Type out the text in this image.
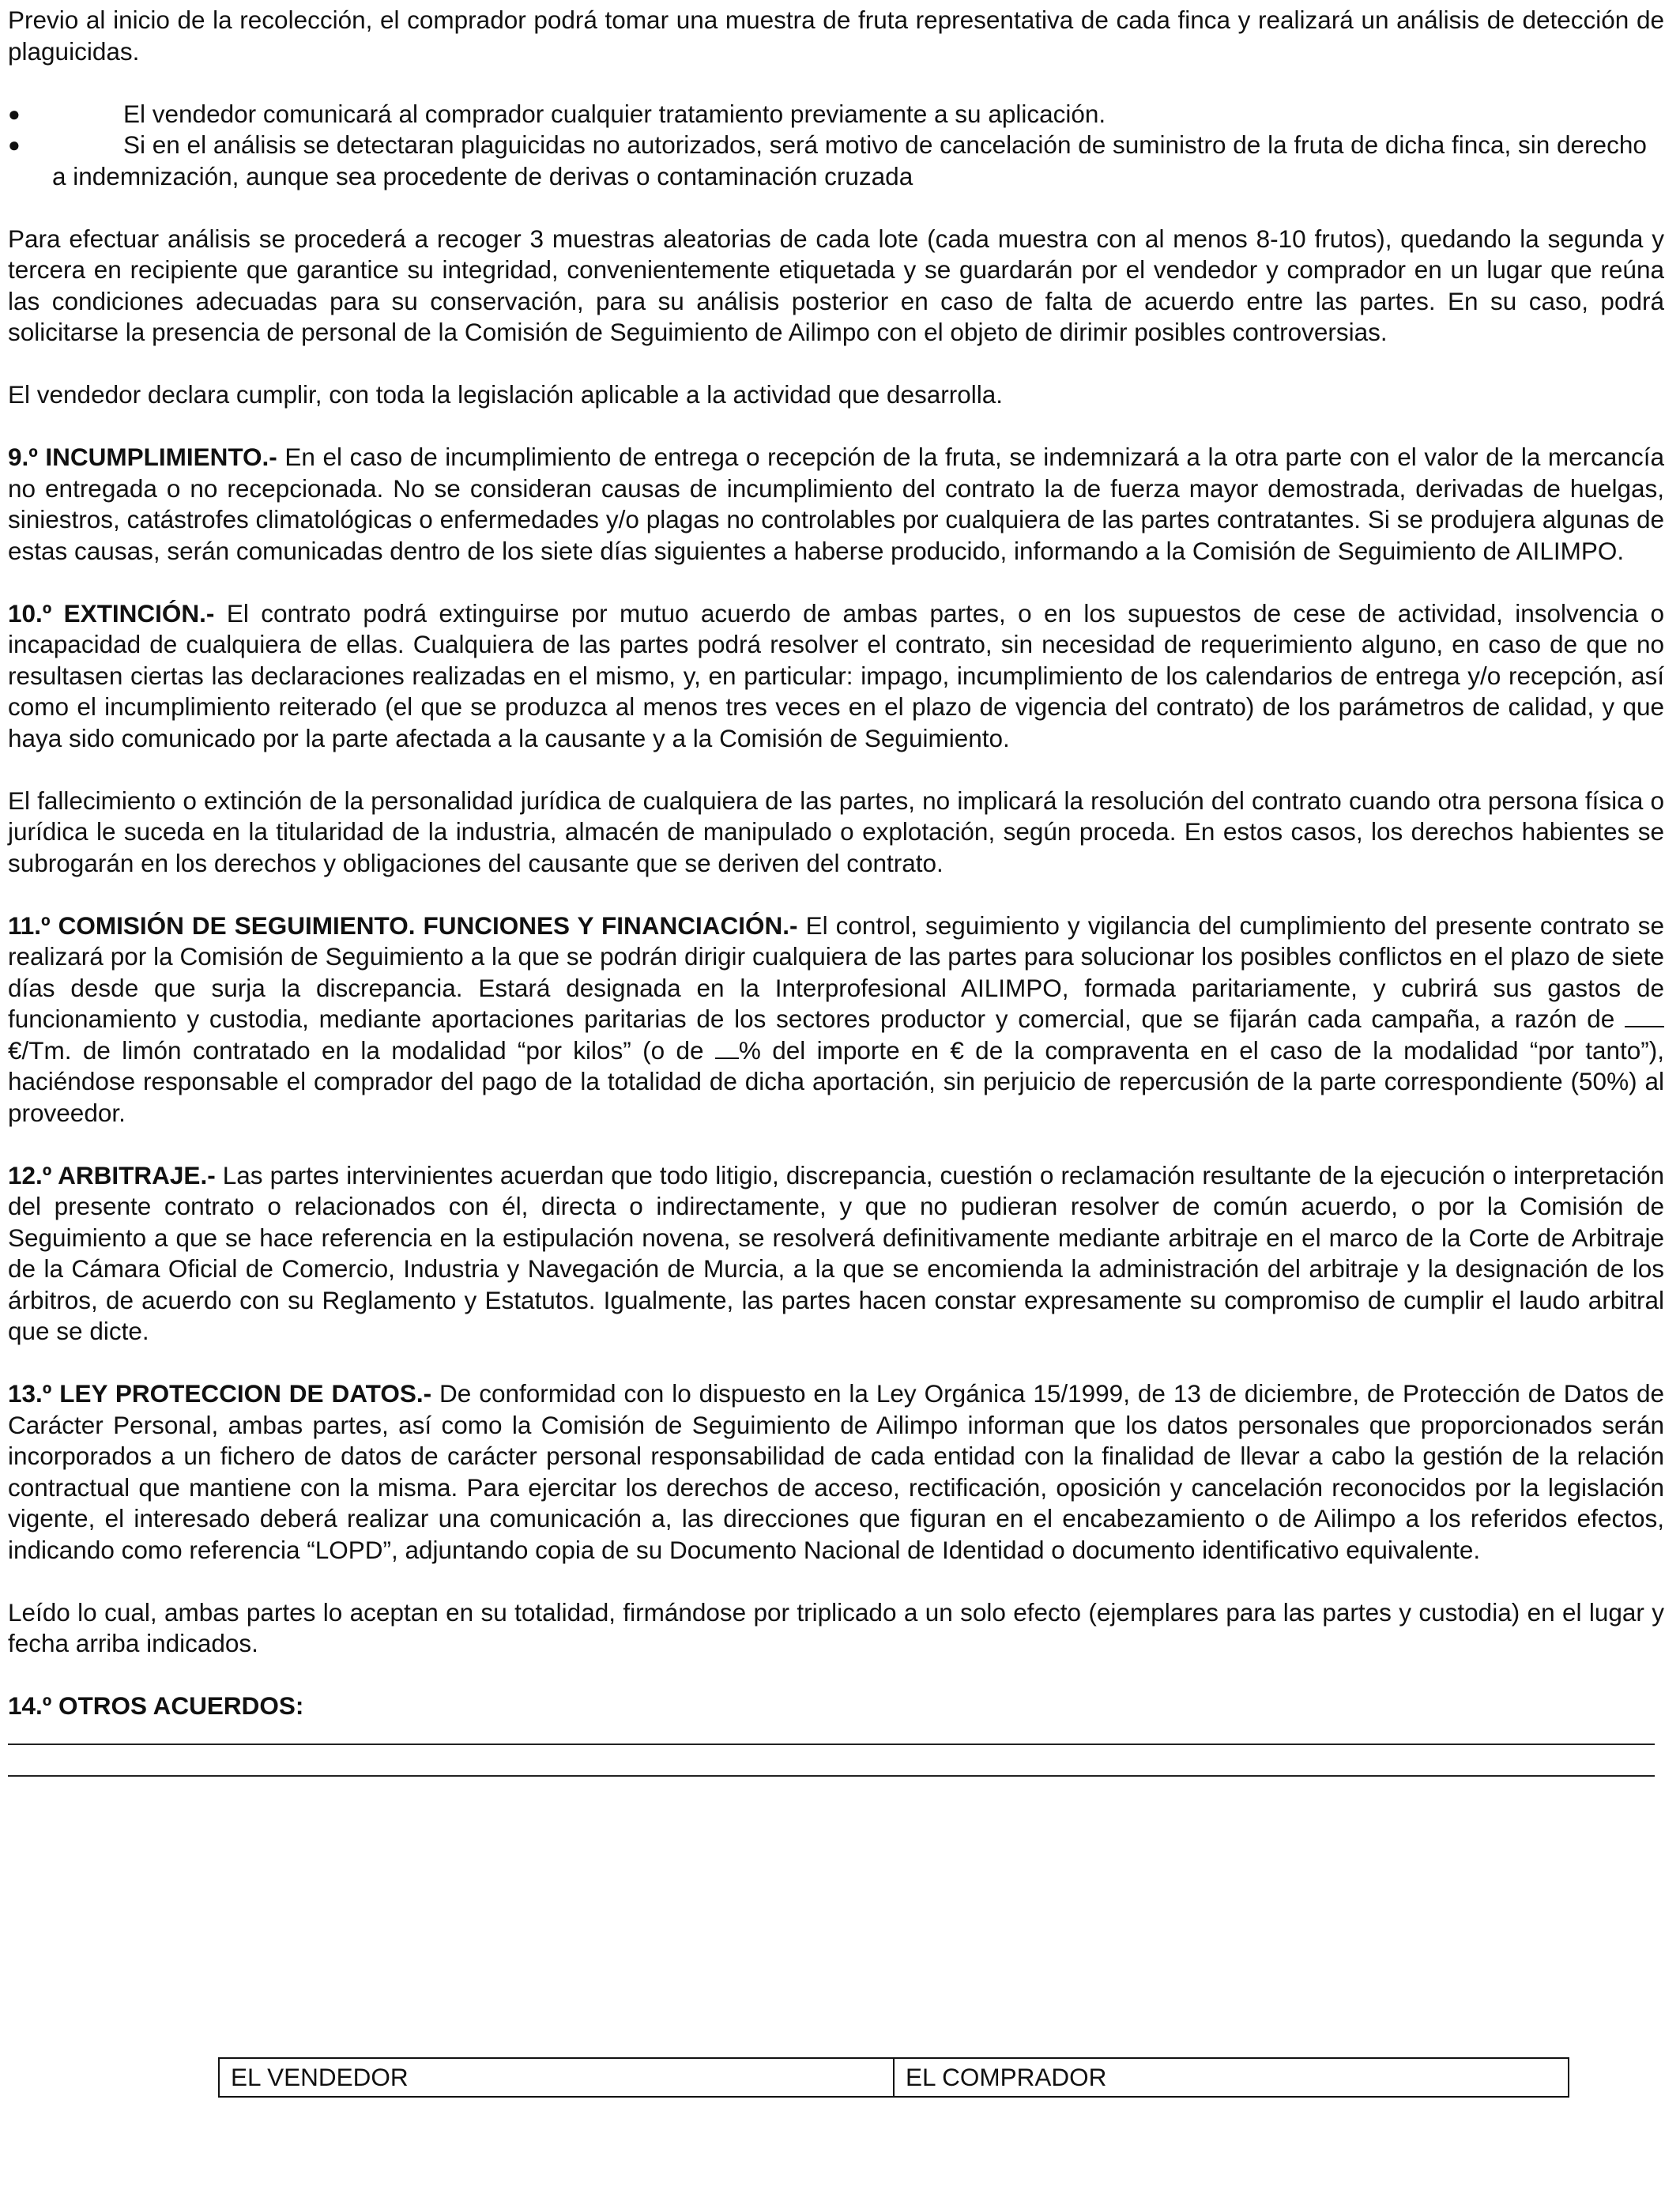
Previo al inicio de la recolección, el comprador podrá tomar una muestra de fruta representativa de cada finca y realizará un análisis de detección de plaguicidas.

●	El vendedor comunicará al comprador cualquier tratamiento previamente a su aplicación.
●	Si en el análisis se detectaran plaguicidas no autorizados, será motivo de cancelación de suministro de la fruta de dicha finca, sin derecho a indemnización, aunque sea procedente de derivas o contaminación cruzada

Para efectuar análisis se procederá a recoger 3 muestras aleatorias de cada lote (cada muestra con al menos 8-10 frutos), quedando la segunda y tercera en recipiente que garantice su integridad, convenientemente etiquetada y se guardarán por el vendedor y comprador en un lugar que reúna las condiciones adecuadas para su conservación, para su análisis posterior en caso de falta de acuerdo entre las partes. En su caso, podrá solicitarse la presencia de personal de la Comisión de Seguimiento de Ailimpo con el objeto de dirimir posibles controversias.

El vendedor declara cumplir, con toda la legislación aplicable a la actividad que desarrolla.

9.º INCUMPLIMIENTO.- En el caso de incumplimiento de entrega o recepción de la fruta, se indemnizará a la otra parte con el valor de la mercancía no entregada o no recepcionada. No se consideran causas de incumplimiento del contrato la de fuerza mayor demostrada, derivadas de huelgas, siniestros, catástrofes climatológicas o enfermedades y/o plagas no controlables por cualquiera de las partes contratantes. Si se produjera algunas de estas causas, serán comunicadas dentro de los siete días siguientes a haberse producido, informando a la Comisión de Seguimiento de AILIMPO.

10.º EXTINCIÓN.- El contrato podrá extinguirse por mutuo acuerdo de ambas partes, o en los supuestos de cese de actividad, insolvencia o incapacidad de cualquiera de ellas. Cualquiera de las partes podrá resolver el contrato, sin necesidad de requerimiento alguno, en caso de que no resultasen ciertas las declaraciones realizadas en el mismo, y, en particular: impago, incumplimiento de los calendarios de entrega y/o recepción, así como el incumplimiento reiterado (el que se produzca al menos tres veces en el plazo de vigencia del contrato) de los parámetros de calidad, y que haya sido comunicado por la parte afectada a la causante y a la Comisión de Seguimiento.

El fallecimiento o extinción de la personalidad jurídica de cualquiera de las partes, no implicará la resolución del contrato cuando otra persona física o jurídica le suceda en la titularidad de la industria, almacén de manipulado o explotación, según proceda. En estos casos, los derechos habientes se subrogarán en los derechos y obligaciones del causante que se deriven del contrato.

11.º COMISIÓN DE SEGUIMIENTO. FUNCIONES Y FINANCIACIÓN.- El control, seguimiento y vigilancia del cumplimiento del presente contrato se realizará por la Comisión de Seguimiento a la que se podrán dirigir cualquiera de las partes para solucionar los posibles conflictos en el plazo de siete días desde que surja la discrepancia. Estará designada en la Interprofesional AILIMPO, formada paritariamente, y cubrirá sus gastos de funcionamiento y custodia, mediante aportaciones paritarias de los sectores productor y comercial, que se fijarán cada campaña, a razón de  €/Tm. de limón contratado en la modalidad “por kilos” (o de % del importe en € de la compraventa en el caso de la modalidad “por tanto”), haciéndose responsable el comprador del pago de la totalidad de dicha aportación, sin perjuicio de repercusión de la parte correspondiente (50%) al proveedor.

12.º ARBITRAJE.- Las partes intervinientes acuerdan que todo litigio, discrepancia, cuestión o reclamación resultante de la ejecución o interpretación del presente contrato o relacionados con él, directa o indirectamente, y que no pudieran resolver de común acuerdo, o por la Comisión de Seguimiento a que se hace referencia en la estipulación novena, se resolverá definitivamente mediante arbitraje en el marco de la Corte de Arbitraje de la Cámara Oficial de Comercio, Industria y Navegación de Murcia, a la que se encomienda la administración del arbitraje y la designación de los árbitros, de acuerdo con su Reglamento y Estatutos. Igualmente, las partes hacen constar expresamente su compromiso de cumplir el laudo arbitral que se dicte.

13.º LEY PROTECCION DE DATOS.- De conformidad con lo dispuesto en la Ley Orgánica 15/1999, de 13 de diciembre, de Protección de Datos de Carácter Personal, ambas partes, así como la Comisión de Seguimiento de Ailimpo informan que los datos personales que proporcionados serán incorporados a un fichero de datos de carácter personal responsabilidad de cada entidad con la finalidad de llevar a cabo la gestión de la relación contractual que mantiene con la misma. Para ejercitar los derechos de acceso, rectificación, oposición y cancelación reconocidos por la legislación vigente, el interesado deberá realizar una comunicación a, las direcciones que figuran en el encabezamiento o de Ailimpo a los referidos efectos, indicando como referencia “LOPD”, adjuntando copia de su Documento Nacional de Identidad o documento identificativo equivalente.

Leído lo cual, ambas partes lo aceptan en su totalidad, firmándose por triplicado a un solo efecto (ejemplares para las partes y custodia) en el lugar y fecha arriba indicados.

14.º OTROS ACUERDOS:

EL VENDEDOR	EL COMPRADOR
